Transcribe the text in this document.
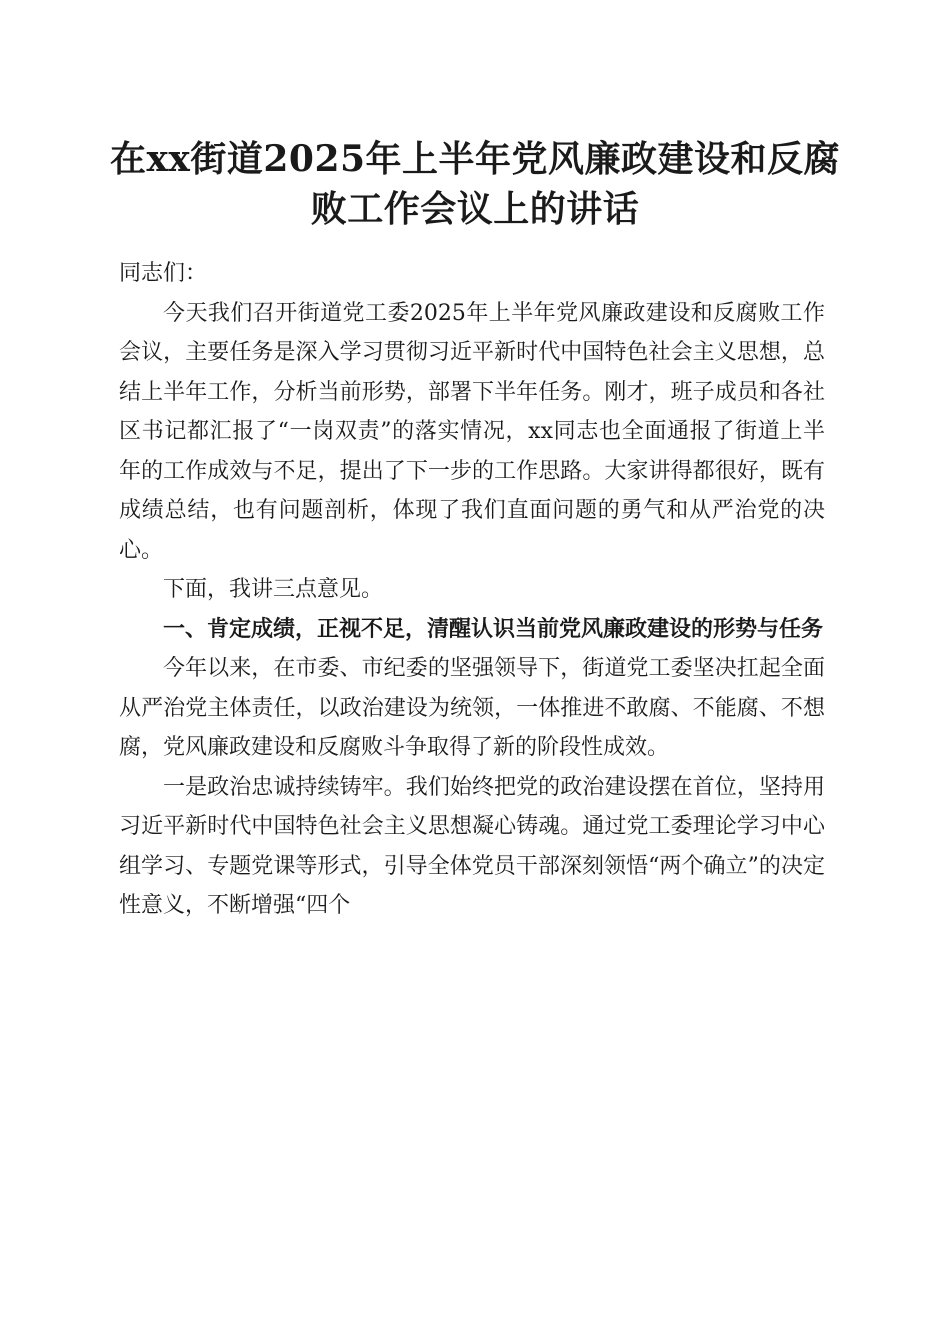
在xx街道2025年上半年党风廉政建设和反腐败工作会议上的讲话

同志们：

今天我们召开街道党工委2025年上半年党风廉政建设和反腐败工作会议，主要任务是深入学习贯彻习近平新时代中国特色社会主义思想，总结上半年工作，分析当前形势，部署下半年任务。刚才，班子成员和各社区书记都汇报了“一岗双责”的落实情况，xx同志也全面通报了街道上半年的工作成效与不足，提出了下一步的工作思路。大家讲得都很好，既有成绩总结，也有问题剖析，体现了我们直面问题的勇气和从严治党的决心。

下面，我讲三点意见。

一、肯定成绩，正视不足，清醒认识当前党风廉政建设的形势与任务

今年以来，在市委、市纪委的坚强领导下，街道党工委坚决扛起全面从严治党主体责任，以政治建设为统领，一体推进不敢腐、不能腐、不想腐，党风廉政建设和反腐败斗争取得了新的阶段性成效。

一是政治忠诚持续铸牢。我们始终把党的政治建设摆在首位，坚持用习近平新时代中国特色社会主义思想凝心铸魂。通过党工委理论学习中心组学习、专题党课等形式，引导全体党员干部深刻领悟“两个确立”的决定性意义，不断增强“四个
